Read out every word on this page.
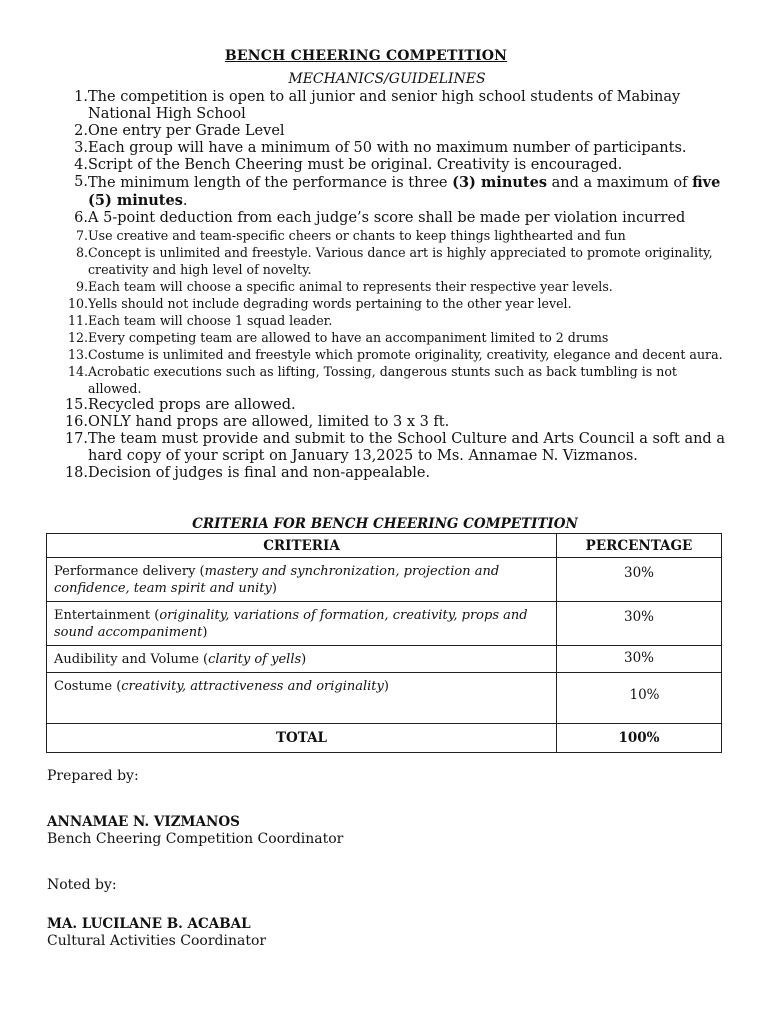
BENCH CHEERING COMPETITION
MECHANICS/GUIDELINES
1. The competition is open to all junior and senior high school students of Mabinay National High School
2. One entry per Grade Level
3. Each group will have a minimum of 50 with no maximum number of participants.
4. Script of the Bench Cheering must be original. Creativity is encouraged.
5. The minimum length of the performance is three (3) minutes and a maximum of five (5) minutes.
6. A 5-point deduction from each judge’s score shall be made per violation incurred
7. Use creative and team-specific cheers or chants to keep things lighthearted and fun
8. Concept is unlimited and freestyle. Various dance art is highly appreciated to promote originality, creativity and high level of novelty.
9. Each team will choose a specific animal to represents their respective year levels.
10. Yells should not include degrading words pertaining to the other year level.
11. Each team will choose 1 squad leader.
12. Every competing team are allowed to have an accompaniment limited to 2 drums
13. Costume is unlimited and freestyle which promote originality, creativity, elegance and decent aura.
14. Acrobatic executions such as lifting, Tossing, dangerous stunts such as back tumbling is not allowed.
15. Recycled props are allowed.
16. ONLY hand props are allowed, limited to 3 x 3 ft.
17. The team must provide and submit to the School Culture and Arts Council a soft and a hard copy of your script on January 13,2025 to Ms. Annamae N. Vizmanos.
18. Decision of judges is final and non-appealable.
CRITERIA FOR BENCH CHEERING COMPETITION
CRITERIA	PERCENTAGE
Performance delivery (mastery and synchronization, projection and confidence, team spirit and unity)	30%
Entertainment (originality, variations of formation, creativity, props and sound accompaniment)	30%
Audibility and Volume (clarity of yells)	30%
Costume (creativity, attractiveness and originality)	10%
TOTAL	100%
Prepared by:
ANNAMAE N. VIZMANOS
Bench Cheering Competition Coordinator
Noted by:
MA. LUCILANE B. ACABAL
Cultural Activities Coordinator
